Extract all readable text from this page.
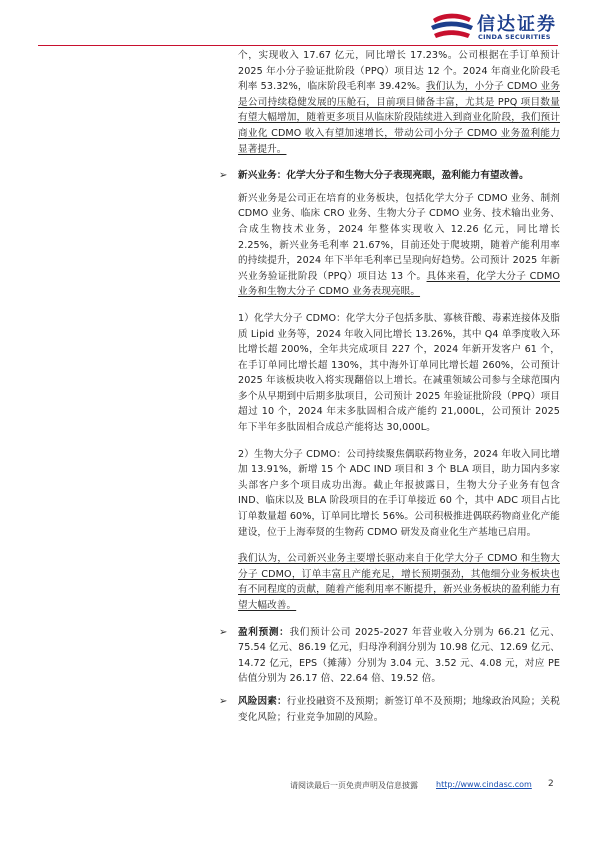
信达证券
CINDA SECURITIES
个，实现收入 17.67 亿元，同比增长 17.23%。公司根据在手订单预计 2025 年小分子验证批阶段（PPQ）项目达 12 个。2024 年商业化阶段毛利率 53.32%，临床阶段毛利率 39.42%。我们认为，小分子 CDMO 业务是公司持续稳健发展的压舱石，目前项目储备丰富，尤其是 PPQ 项目数量有望大幅增加，随着更多项目从临床阶段陆续进入到商业化阶段，我们预计商业化 CDMO 收入有望加速增长，带动公司小分子 CDMO 业务盈利能力显著提升。
➢ 新兴业务：化学大分子和生物大分子表现亮眼，盈利能力有望改善。
新兴业务是公司正在培育的业务板块，包括化学大分子 CDMO 业务、制剂 CDMO 业务、临床 CRO 业务、生物大分子 CDMO 业务、技术输出业务、合成生物技术业务，2024 年整体实现收入 12.26 亿元，同比增长 2.25%，新兴业务毛利率 21.67%，目前还处于爬坡期，随着产能利用率的持续提升，2024 年下半年毛利率已呈现向好趋势。公司预计 2025 年新兴业务验证批阶段（PPQ）项目达 13 个。具体来看，化学大分子 CDMO 业务和生物大分子 CDMO 业务表现亮眼。
1）化学大分子 CDMO：化学大分子包括多肽、寡核苷酸、毒素连接体及脂质 Lipid 业务等，2024 年收入同比增长 13.26%，其中 Q4 单季度收入环比增长超 200%，全年共完成项目 227 个，2024 年新开发客户 61 个，在手订单同比增长超 130%，其中海外订单同比增长超 260%，公司预计 2025 年该板块收入将实现翻倍以上增长。在减重领域公司参与全球范围内多个从早期到中后期多肽项目，公司预计 2025 年验证批阶段（PPQ）项目超过 10 个，2024 年末多肽固相合成产能约 21,000L，公司预计 2025 年下半年多肽固相合成总产能将达 30,000L。
2）生物大分子 CDMO：公司持续聚焦偶联药物业务，2024 年收入同比增加 13.91%，新增 15 个 ADC IND 项目和 3 个 BLA 项目，助力国内多家头部客户多个项目成功出海。截止年报披露日，生物大分子业务有包含 IND、临床以及 BLA 阶段项目的在手订单接近 60 个，其中 ADC 项目占比订单数量超 60%，订单同比增长 56%。公司积极推进偶联药物商业化产能建设，位于上海奉贤的生物药 CDMO 研发及商业化生产基地已启用。
我们认为，公司新兴业务主要增长驱动来自于化学大分子 CDMO 和生物大分子 CDMO，订单丰富且产能充足，增长预期强劲，其他细分业务板块也有不同程度的贡献，随着产能利用率不断提升，新兴业务板块的盈利能力有望大幅改善。
➢ 盈利预测：我们预计公司 2025-2027 年营业收入分别为 66.21 亿元、75.54 亿元、86.19 亿元，归母净利润分别为 10.98 亿元、12.69 亿元、14.72 亿元，EPS（摊薄）分别为 3.04 元、3.52 元、4.08 元，对应 PE 估值分别为 26.17 倍、22.64 倍、19.52 倍。
➢ 风险因素：行业投融资不及预期；新签订单不及预期；地缘政治风险；关税变化风险；行业竞争加剧的风险。
请阅读最后一页免责声明及信息披露 http://www.cindasc.com 2
